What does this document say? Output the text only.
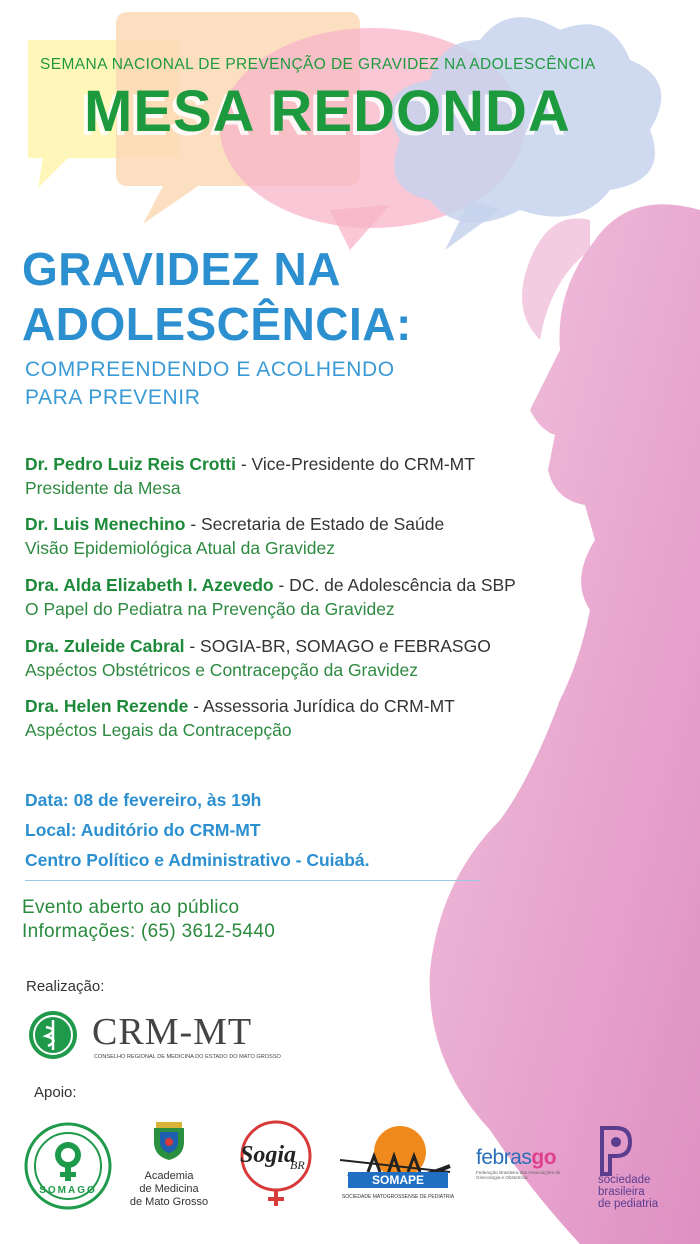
SEMANA NACIONAL DE PREVENÇÃO DE GRAVIDEZ NA ADOLESCÊNCIA
MESA REDONDA
GRAVIDEZ NA
ADOLESCÊNCIA:
COMPREENDENDO E ACOLHENDO
PARA PREVENIR
Dr. Pedro Luiz Reis Crotti - Vice-Presidente do CRM-MT
Presidente da Mesa
Dr. Luis Menechino - Secretaria de Estado de Saúde
Visão Epidemiológica Atual da Gravidez
Dra. Alda Elizabeth I. Azevedo - DC. de Adolescência da SBP
O Papel do Pediatra na Prevenção da Gravidez
Dra. Zuleide Cabral - SOGIA-BR, SOMAGO e FEBRASGO
Aspéctos Obstétricos e Contracepção da Gravidez
Dra. Helen Rezende - Assessoria Jurídica do CRM-MT
Aspéctos Legais da Contracepção
Data: 08 de fevereiro, às 19h
Local: Auditório do CRM-MT
Centro Político e Administrativo - Cuiabá.
Evento aberto ao público
Informações: (65) 3612-5440
Realização:
CRM-MT
CONSELHO REGIONAL DE MEDICINA DO ESTADO DO MATO GROSSO
Apoio:
SOMAGO
Academia
de Medicina
de Mato Grosso
Sogia
BR
SOMAPE
SOCIEDADE MATOGROSSENSE DE PEDIATRIA
febrasgo
Federação Brasileira das Associações de Ginecologia e Obstetrícia	sociedade
brasileira
de pediatria
